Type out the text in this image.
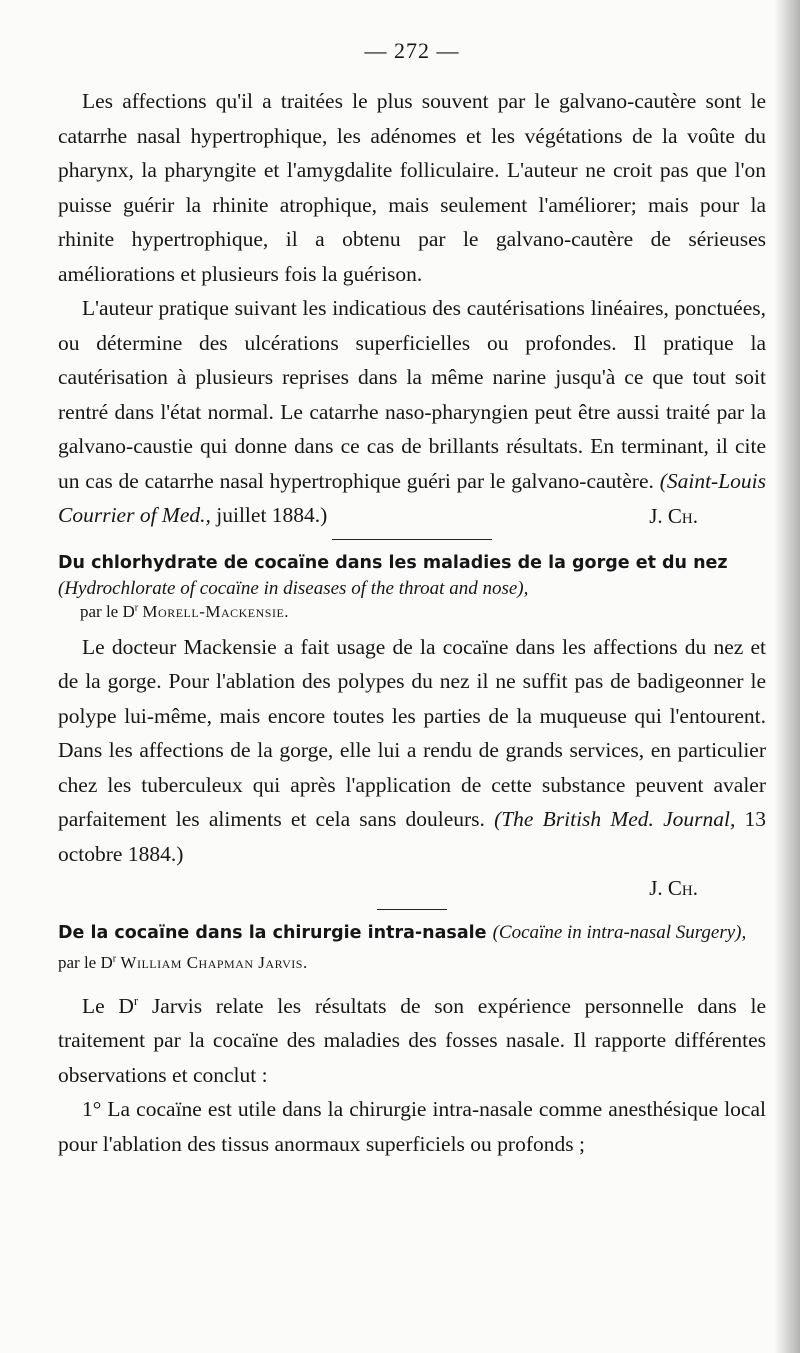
— 272 —

Les affections qu'il a traitées le plus souvent par le galvano-cautère sont le catarrhe nasal hypertrophique, les adénomes et les végétations de la voûte du pharynx, la pharyngite et l'amygdalite folliculaire. L'auteur ne croit pas que l'on puisse guérir la rhinite atrophique, mais seulement l'améliorer; mais pour la rhinite hypertrophique, il a obtenu par le galvano-cautère de sérieuses améliorations et plusieurs fois la guérison.

L'auteur pratique suivant les indicatious des cautérisations linéaires, ponctuées, ou détermine des ulcérations superficielles ou profondes. Il pratique la cautérisation à plusieurs reprises dans la même narine jusqu'à ce que tout soit rentré dans l'état normal. Le catarrhe naso-pharyngien peut être aussi traité par la galvano-caustie qui donne dans ce cas de brillants résultats. En terminant, il cite un cas de catarrhe nasal hypertrophique guéri par le galvano-cautère. (Saint-Louis Courrier of Med., juillet 1884.)	J. Ch.
Du chlorhydrate de cocaïne dans les maladies de la gorge et du nez (Hydrochlorate of cocaïne in diseases of the throat and nose),
par le $D^r$ Morell-Mackensie.

Le docteur Mackensie a fait usage de la cocaïne dans les affections du nez et de la gorge. Pour l'ablation des polypes du nez il ne suffit pas de badigeonner le polype lui-même, mais encore toutes les parties de la muqueuse qui l'entourent. Dans les affections de la gorge, elle lui a rendu de grands services, en particulier chez les tuberculeux qui après l'application de cette substance peuvent avaler parfaitement les aliments et cela sans douleurs. (The British Med. Journal, 13 octobre 1884.)

J. Ch.
De la cocaïne dans la chirurgie intra-nasale (Cocaïne in intra-nasal Surgery), par le $D^r$ William Chapman Jarvis.

Le $D^r$ Jarvis relate les résultats de son expérience personnelle dans le traitement par la cocaïne des maladies des fosses nasale. Il rapporte différentes observations et conclut :

1° La cocaïne est utile dans la chirurgie intra-nasale comme anesthésique local pour l'ablation des tissus anormaux superficiels ou profonds ;
